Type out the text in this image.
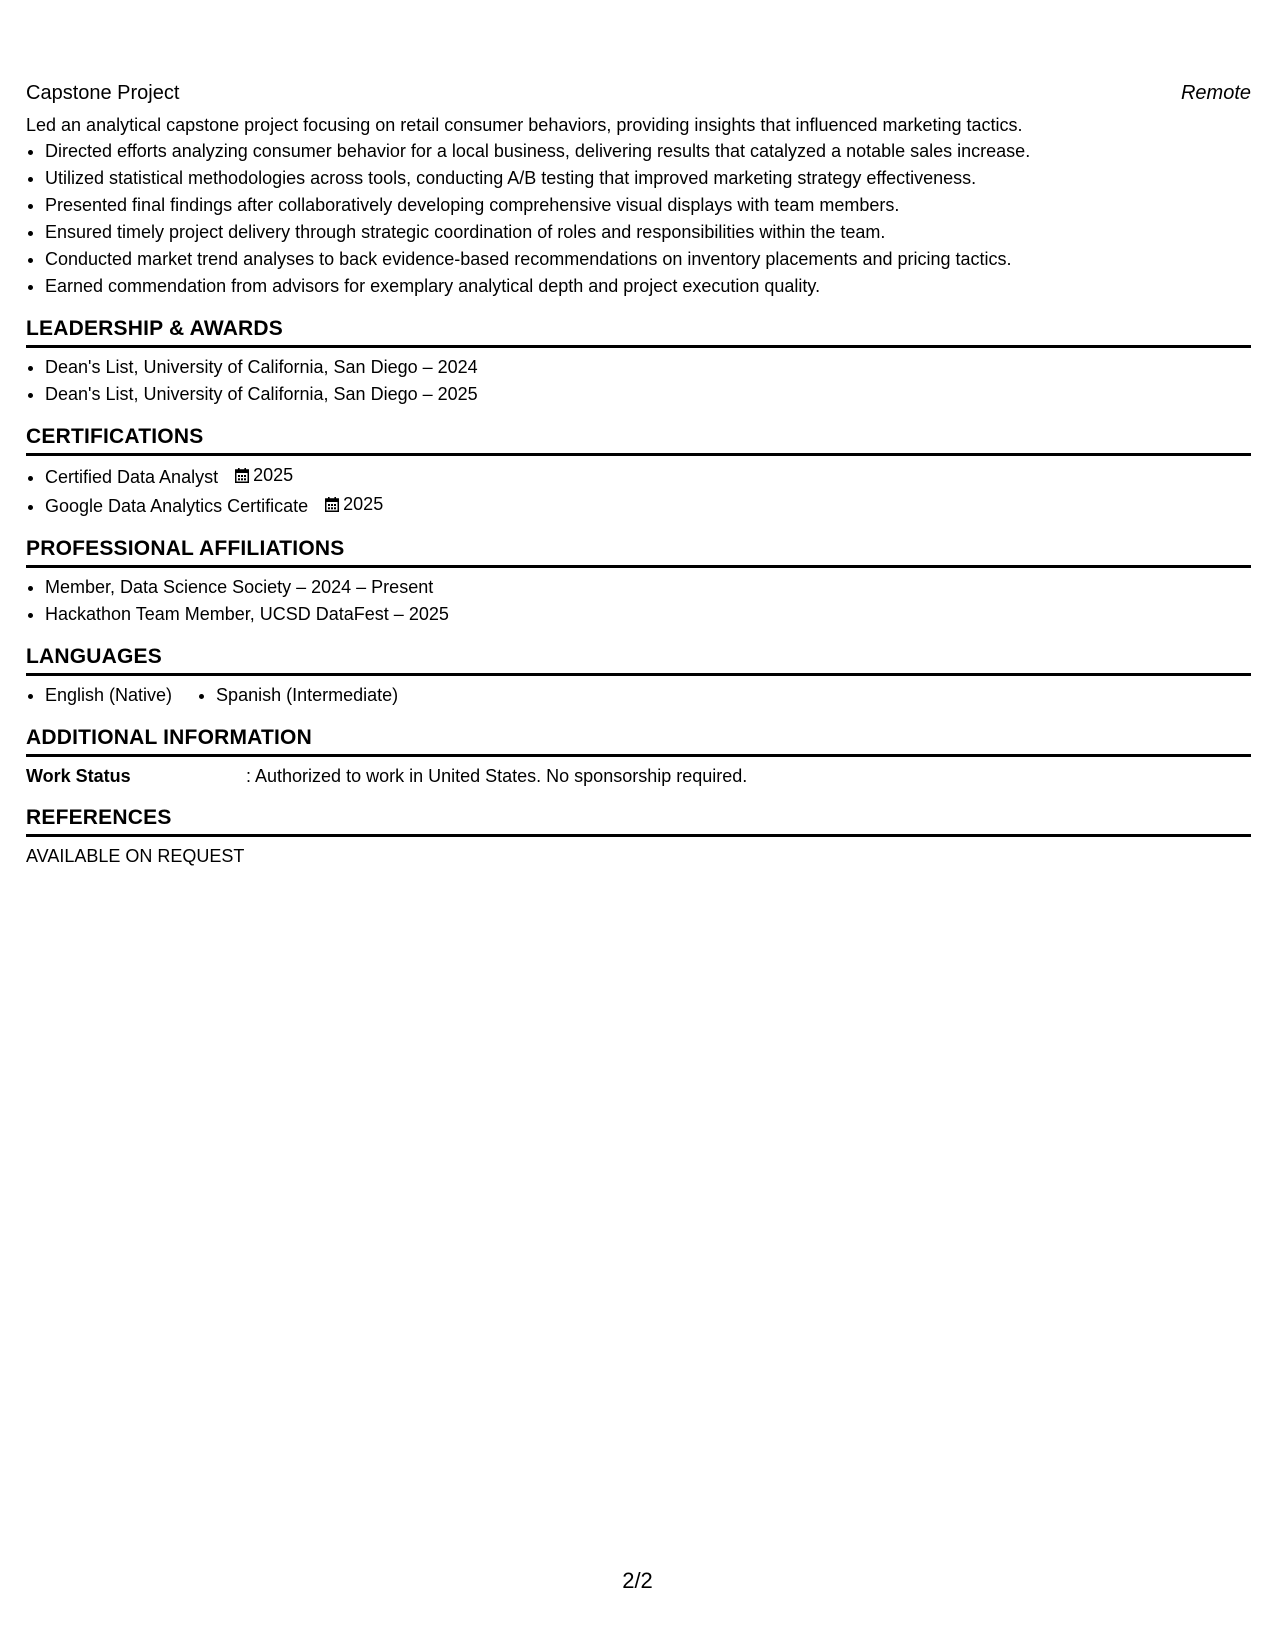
Capstone Project	Remote
Led an analytical capstone project focusing on retail consumer behaviors, providing insights that influenced marketing tactics.
• Directed efforts analyzing consumer behavior for a local business, delivering results that catalyzed a notable sales increase.
• Utilized statistical methodologies across tools, conducting A/B testing that improved marketing strategy effectiveness.
• Presented final findings after collaboratively developing comprehensive visual displays with team members.
• Ensured timely project delivery through strategic coordination of roles and responsibilities within the team.
• Conducted market trend analyses to back evidence-based recommendations on inventory placements and pricing tactics.
• Earned commendation from advisors for exemplary analytical depth and project execution quality.
LEADERSHIP & AWARDS
• Dean's List, University of California, San Diego – 2024
• Dean's List, University of California, San Diego – 2025
CERTIFICATIONS
• Certified Data Analyst 2025
• Google Data Analytics Certificate 2025
PROFESSIONAL AFFILIATIONS
• Member, Data Science Society – 2024 – Present
• Hackathon Team Member, UCSD DataFest – 2025
LANGUAGES
• English (Native)
• Spanish (Intermediate)
ADDITIONAL INFORMATION
Work Status	: Authorized to work in United States. No sponsorship required.
REFERENCES
AVAILABLE ON REQUEST
2/2
